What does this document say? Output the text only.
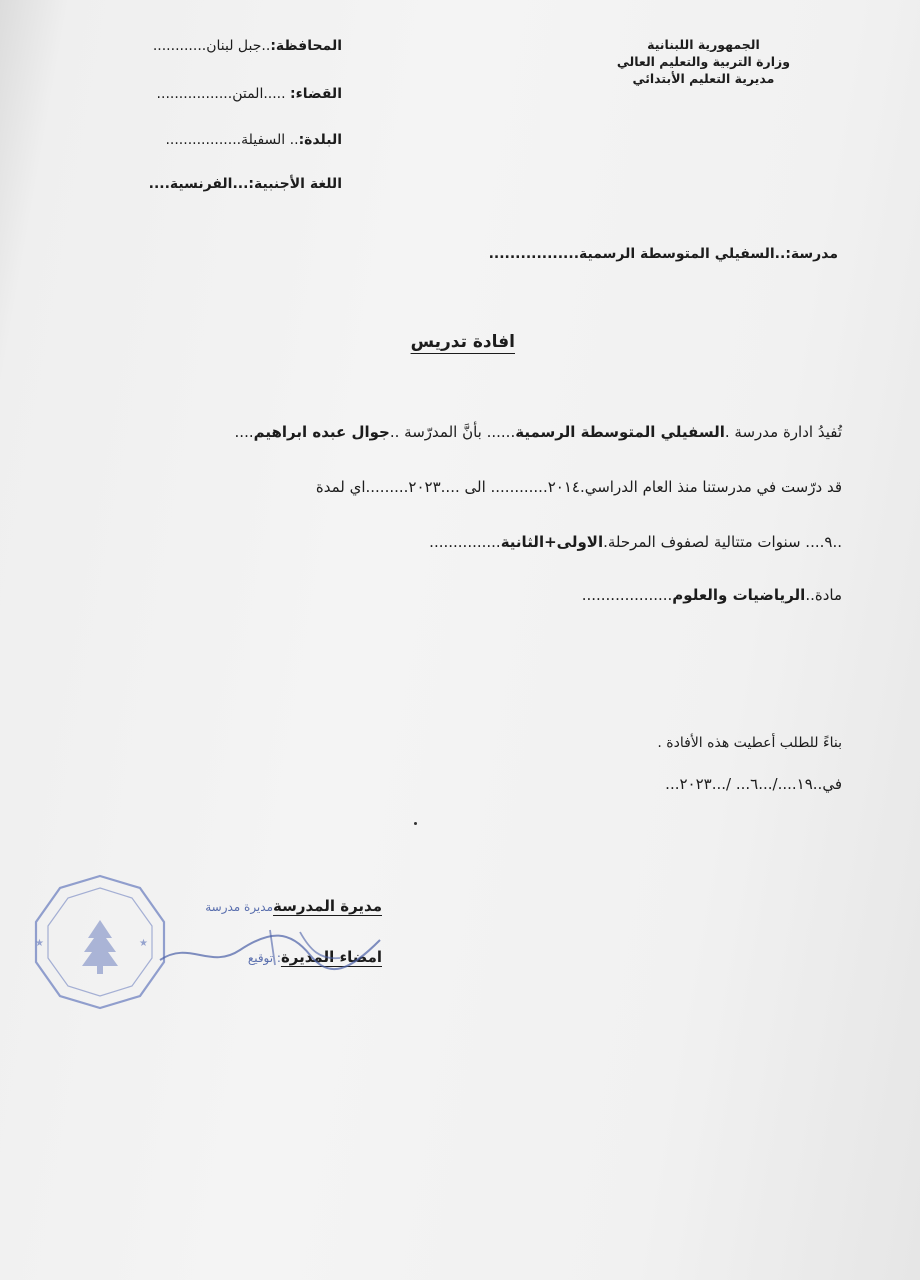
الجمهورية اللبنانية
وزارة التربية والتعليم العالي
مديرية التعليم الأبتدائي
المحافظة:..جبل لبنان............
القضاء: .....المتن.................
البلدة:.. السفيلة.................
اللغة الأجنبية:...الفرنسية....
مدرسة:..السفيلي المتوسطة الرسمية.................
افادة تدريس
تُفيدُ ادارة مدرسة .السفيلي المتوسطة الرسمية...... بأنَّ المدرّسة ..جوال عبده ابراهيم....
قد درّست في مدرستنا منذ العام الدراسي.٢٠١٤............ الى ....٢٠٢٣.........اي لمدة
..٩.... سنوات متتالية لصفوف المرحلة.الاولى+الثانية...............
مادة..الرياضيات والعلوم...................
بناءً للطلب أعطيت هذه الأفادة .
في..١٩..../...٦... /...٢٠٢٣...
مديرة المدرسةمديرة مدرسة
امضاء المديرة: توقيع
★	★
